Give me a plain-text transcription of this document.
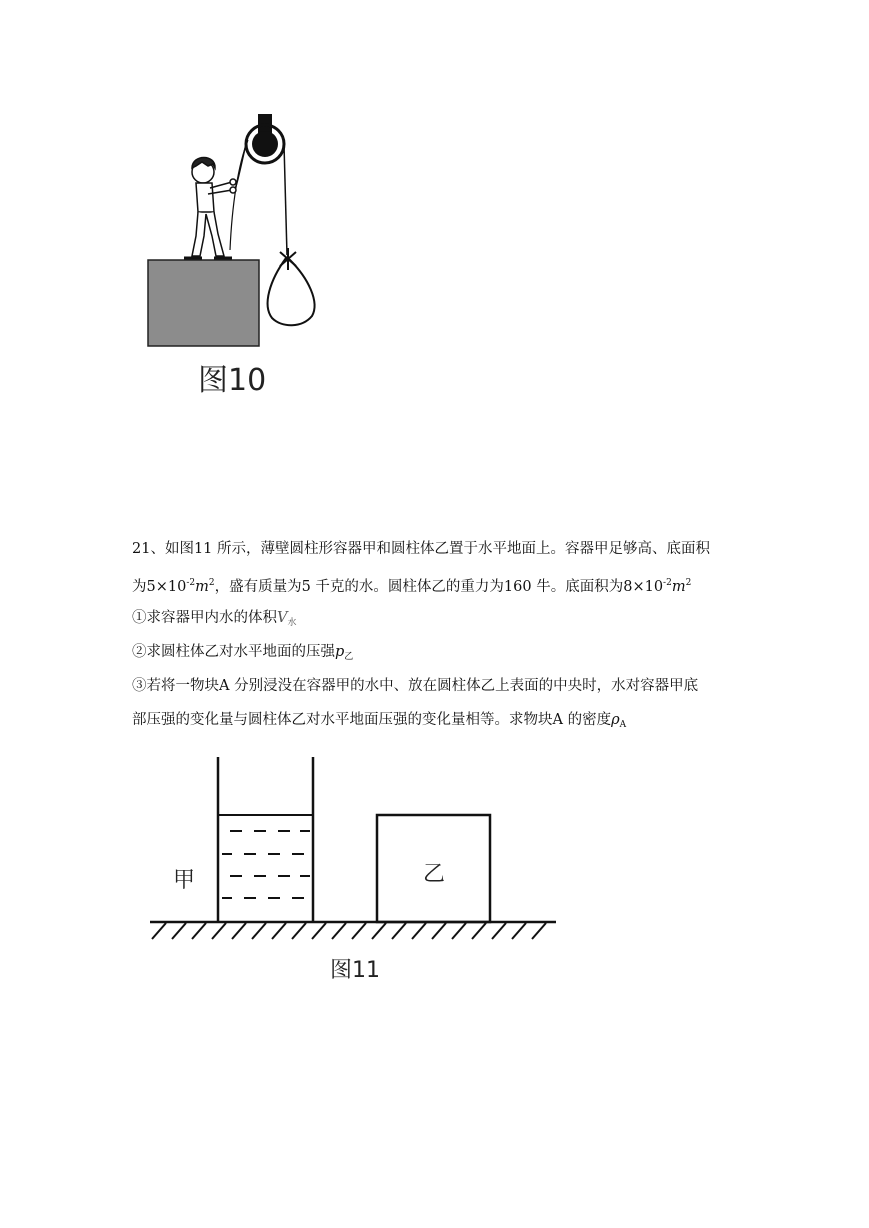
图10
21、如图11 所示，薄壁圆柱形容器甲和圆柱体乙置于水平地面上。容器甲足够高、底面积
为$5\times 10^{-2}m^2$，盛有质量为5 千克的水。圆柱体乙的重力为160 牛。底面积为$8\times 10^{-2}m^2$
①求容器甲内水的体积$V_水$
②求圆柱体乙对水平地面的压强$p_乙$
③若将一物块A 分别浸没在容器甲的水中、放在圆柱体乙上表面的中央时，水对容器甲底
部压强的变化量与圆柱体乙对水平地面压强的变化量相等。求物块A 的密度$\rho_A$
甲	乙
图11
